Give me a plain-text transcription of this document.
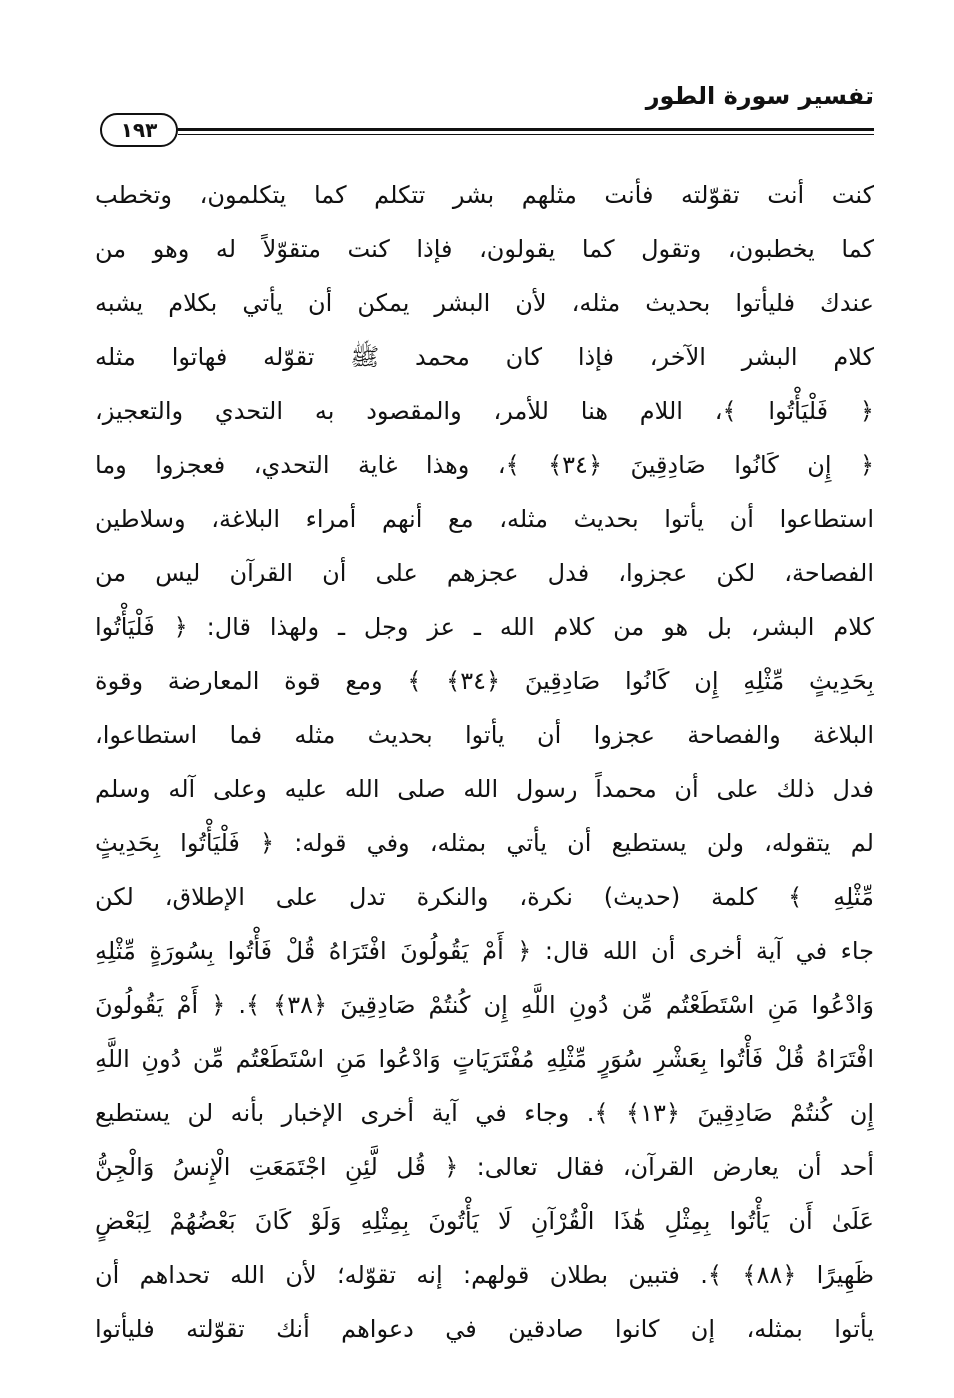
تفسير سورة الطور
١٩٣
كنت أنت تقوّلته فأنت مثلهم بشر تتكلم كما يتكلمون، وتخطب
كما يخطبون، وتقول كما يقولون، فإذا كنت متقوّلاً له وهو من
عندك فليأتوا بحديث مثله، لأن البشر يمكن أن يأتي بكلام يشبه
كلام البشر الآخر، فإذا كان محمد ﷺ تقوّله فهاتوا مثله
﴿ فَلْيَأْتُوا ﴾، اللام هنا للأمر، والمقصود به التحدي والتعجيز،
﴿ إِن كَانُوا صَادِقِينَ ﴿٣٤﴾ ﴾، وهذا غاية التحدي، فعجزوا وما
استطاعوا أن يأتوا بحديث مثله، مع أنهم أمراء البلاغة، وسلاطين
الفصاحة، لكن عجزوا، فدل عجزهم على أن القرآن ليس من
كلام البشر، بل هو من كلام الله ـ عز وجل ـ ولهذا قال: ﴿ فَلْيَأْتُوا
بِحَدِيثٍ مِّثْلِهِ إِن كَانُوا صَادِقِينَ ﴿٣٤﴾ ﴾ ومع قوة المعارضة وقوة
البلاغة والفصاحة عجزوا أن يأتوا بحديث مثله فما استطاعوا،
فدل ذلك على أن محمداً رسول الله صلى الله عليه وعلى آله وسلم
لم يتقوله، ولن يستطيع أن يأتي بمثله، وفي قوله: ﴿ فَلْيَأْتُوا بِحَدِيثٍ
مِّثْلِهِ ﴾ كلمة (حديث) نكرة، والنكرة تدل على الإطلاق، لكن
جاء في آية أخرى أن الله قال: ﴿ أَمْ يَقُولُونَ افْتَرَاهُ قُلْ فَأْتُوا بِسُورَةٍ مِّثْلِهِ
وَادْعُوا مَنِ اسْتَطَعْتُم مِّن دُونِ اللَّهِ إِن كُنتُمْ صَادِقِينَ ﴿٣٨﴾ ﴾. ﴿ أَمْ يَقُولُونَ
افْتَرَاهُ قُلْ فَأْتُوا بِعَشْرِ سُوَرٍ مِّثْلِهِ مُفْتَرَيَاتٍ وَادْعُوا مَنِ اسْتَطَعْتُم مِّن دُونِ اللَّهِ
إِن كُنتُمْ صَادِقِينَ ﴿١٣﴾ ﴾. وجاء في آية أخرى الإخبار بأنه لن يستطيع
أحد أن يعارض القرآن، فقال تعالى: ﴿ قُل لَّئِنِ اجْتَمَعَتِ الْإِنسُ وَالْجِنُّ
عَلَىٰ أَن يَأْتُوا بِمِثْلِ هَٰذَا الْقُرْآنِ لَا يَأْتُونَ بِمِثْلِهِ وَلَوْ كَانَ بَعْضُهُمْ لِبَعْضٍ
ظَهِيرًا ﴿٨٨﴾ ﴾. فتبين بطلان قولهم: إنه تقوّله؛ لأن الله تحداهم أن
يأتوا بمثله، إن كانوا صادقين في دعواهم أنك تقوّلته فليأتوا
